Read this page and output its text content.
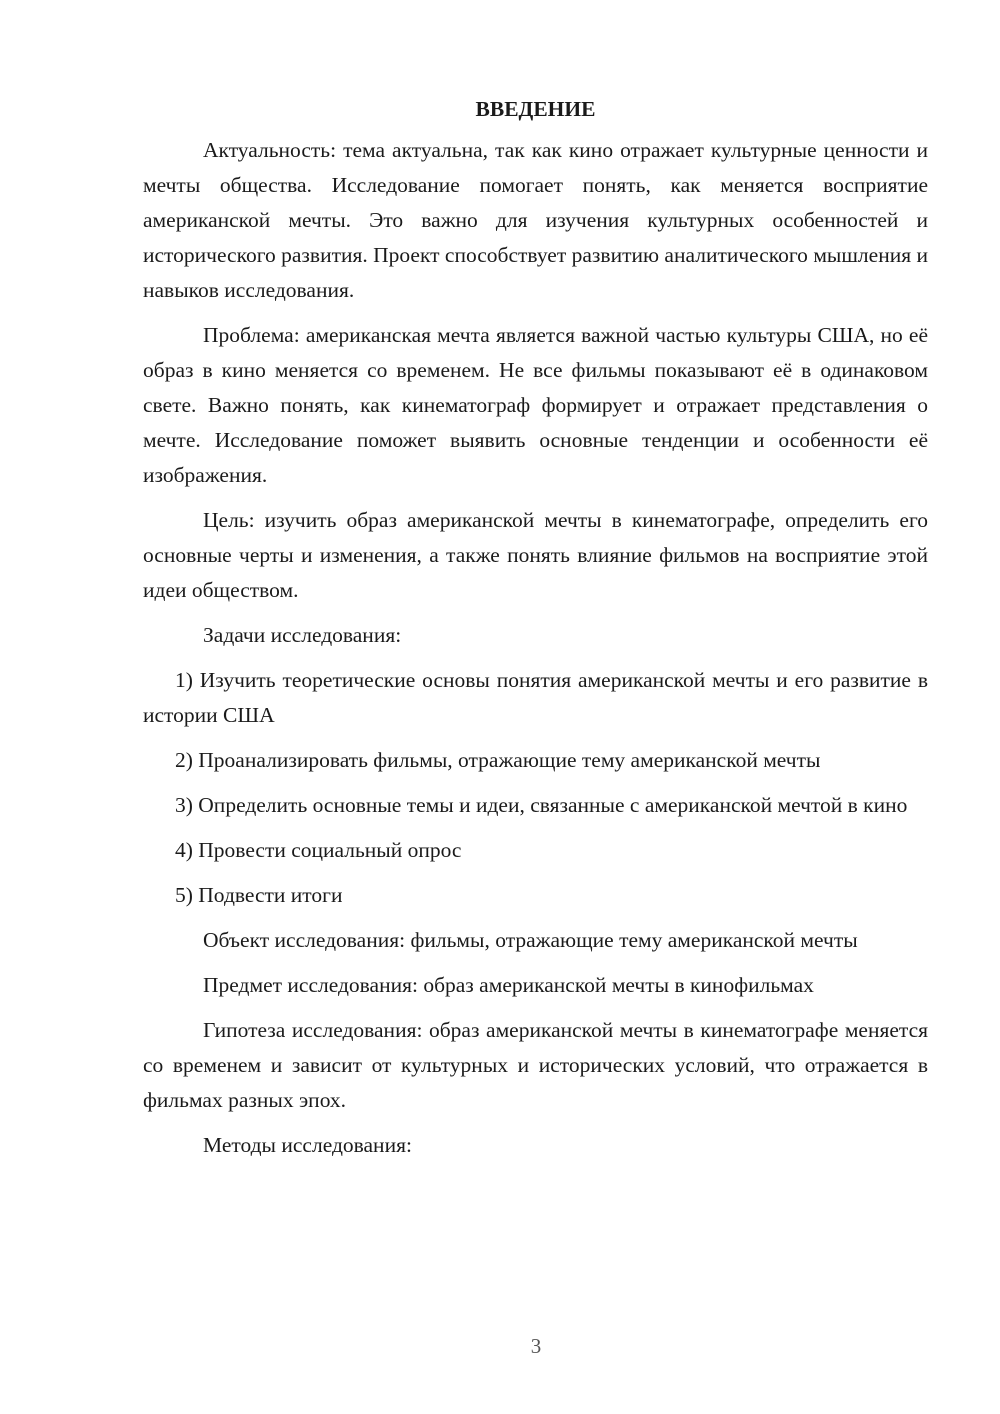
ВВЕДЕНИЕ

Актуальность: тема актуальна, так как кино отражает культурные ценности и мечты общества. Исследование помогает понять, как меняется восприятие американской мечты. Это важно для изучения культурных особенностей и исторического развития. Проект способствует развитию аналитического мышления и навыков исследования.

Проблема: американская мечта является важной частью культуры США, но её образ в кино меняется со временем. Не все фильмы показывают её в одинаковом свете. Важно понять, как кинематограф формирует и отражает представления о мечте. Исследование поможет выявить основные тенденции и особенности её изображения.

Цель: изучить образ американской мечты в кинематографе, определить его основные черты и изменения, а также понять влияние фильмов на восприятие этой идеи обществом.

Задачи исследования:

1) Изучить теоретические основы понятия американской мечты и его развитие в истории США

2) Проанализировать фильмы, отражающие тему американской мечты

3) Определить основные темы и идеи, связанные с американской мечтой в кино

4) Провести социальный опрос

5) Подвести итоги

Объект исследования: фильмы, отражающие тему американской мечты

Предмет исследования: образ американской мечты в кинофильмах

Гипотеза исследования: образ американской мечты в кинематографе меняется со временем и зависит от культурных и исторических условий, что отражается в фильмах разных эпох.

Методы исследования:

3
